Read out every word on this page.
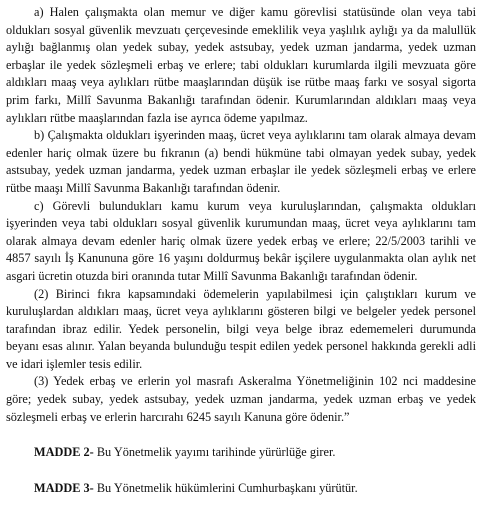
a) Halen çalışmakta olan memur ve diğer kamu görevlisi statüsünde olan veya tabi oldukları sosyal güvenlik mevzuatı çerçevesinde emeklilik veya yaşlılık aylığı ya da malullük aylığı bağlanmış olan yedek subay, yedek astsubay, yedek uzman jandarma, yedek uzman erbaşlar ile yedek sözleşmeli erbaş ve erlere; tabi oldukları kurumlarda ilgili mevzuata göre aldıkları maaş veya aylıkları rütbe maaşlarından düşük ise rütbe maaş farkı ve sosyal sigorta prim farkı, Millî Savunma Bakanlığı tarafından ödenir. Kurumlarından aldıkları maaş veya aylıkları rütbe maaşlarından fazla ise ayrıca ödeme yapılmaz.

b) Çalışmakta oldukları işyerinden maaş, ücret veya aylıklarını tam olarak almaya devam edenler hariç olmak üzere bu fıkranın (a) bendi hükmüne tabi olmayan yedek subay, yedek astsubay, yedek uzman jandarma, yedek uzman erbaşlar ile yedek sözleşmeli erbaş ve erlere rütbe maaşı Millî Savunma Bakanlığı tarafından ödenir.

c) Görevli bulundukları kamu kurum veya kuruluşlarından, çalışmakta oldukları işyerinden veya tabi oldukları sosyal güvenlik kurumundan maaş, ücret veya aylıklarını tam olarak almaya devam edenler hariç olmak üzere yedek erbaş ve erlere; 22/5/2003 tarihli ve 4857 sayılı İş Kanununa göre 16 yaşını doldurmuş bekâr işçilere uygulanmakta olan aylık net asgari ücretin otuzda biri oranında tutar Millî Savunma Bakanlığı tarafından ödenir.

(2) Birinci fıkra kapsamındaki ödemelerin yapılabilmesi için çalıştıkları kurum ve kuruluşlardan aldıkları maaş, ücret veya aylıklarını gösteren bilgi ve belgeler yedek personel tarafından ibraz edilir. Yedek personelin, bilgi veya belge ibraz edememeleri durumunda beyanı esas alınır. Yalan beyanda bulunduğu tespit edilen yedek personel hakkında gerekli adli ve idari işlemler tesis edilir.

(3) Yedek erbaş ve erlerin yol masrafı Askeralma Yönetmeliğinin 102 nci maddesine göre; yedek subay, yedek astsubay, yedek uzman jandarma, yedek uzman erbaş ve yedek sözleşmeli erbaş ve erlerin harcırahı 6245 sayılı Kanuna göre ödenir.”

MADDE 2- Bu Yönetmelik yayımı tarihinde yürürlüğe girer.

MADDE 3- Bu Yönetmelik hükümlerini Cumhurbaşkanı yürütür.
